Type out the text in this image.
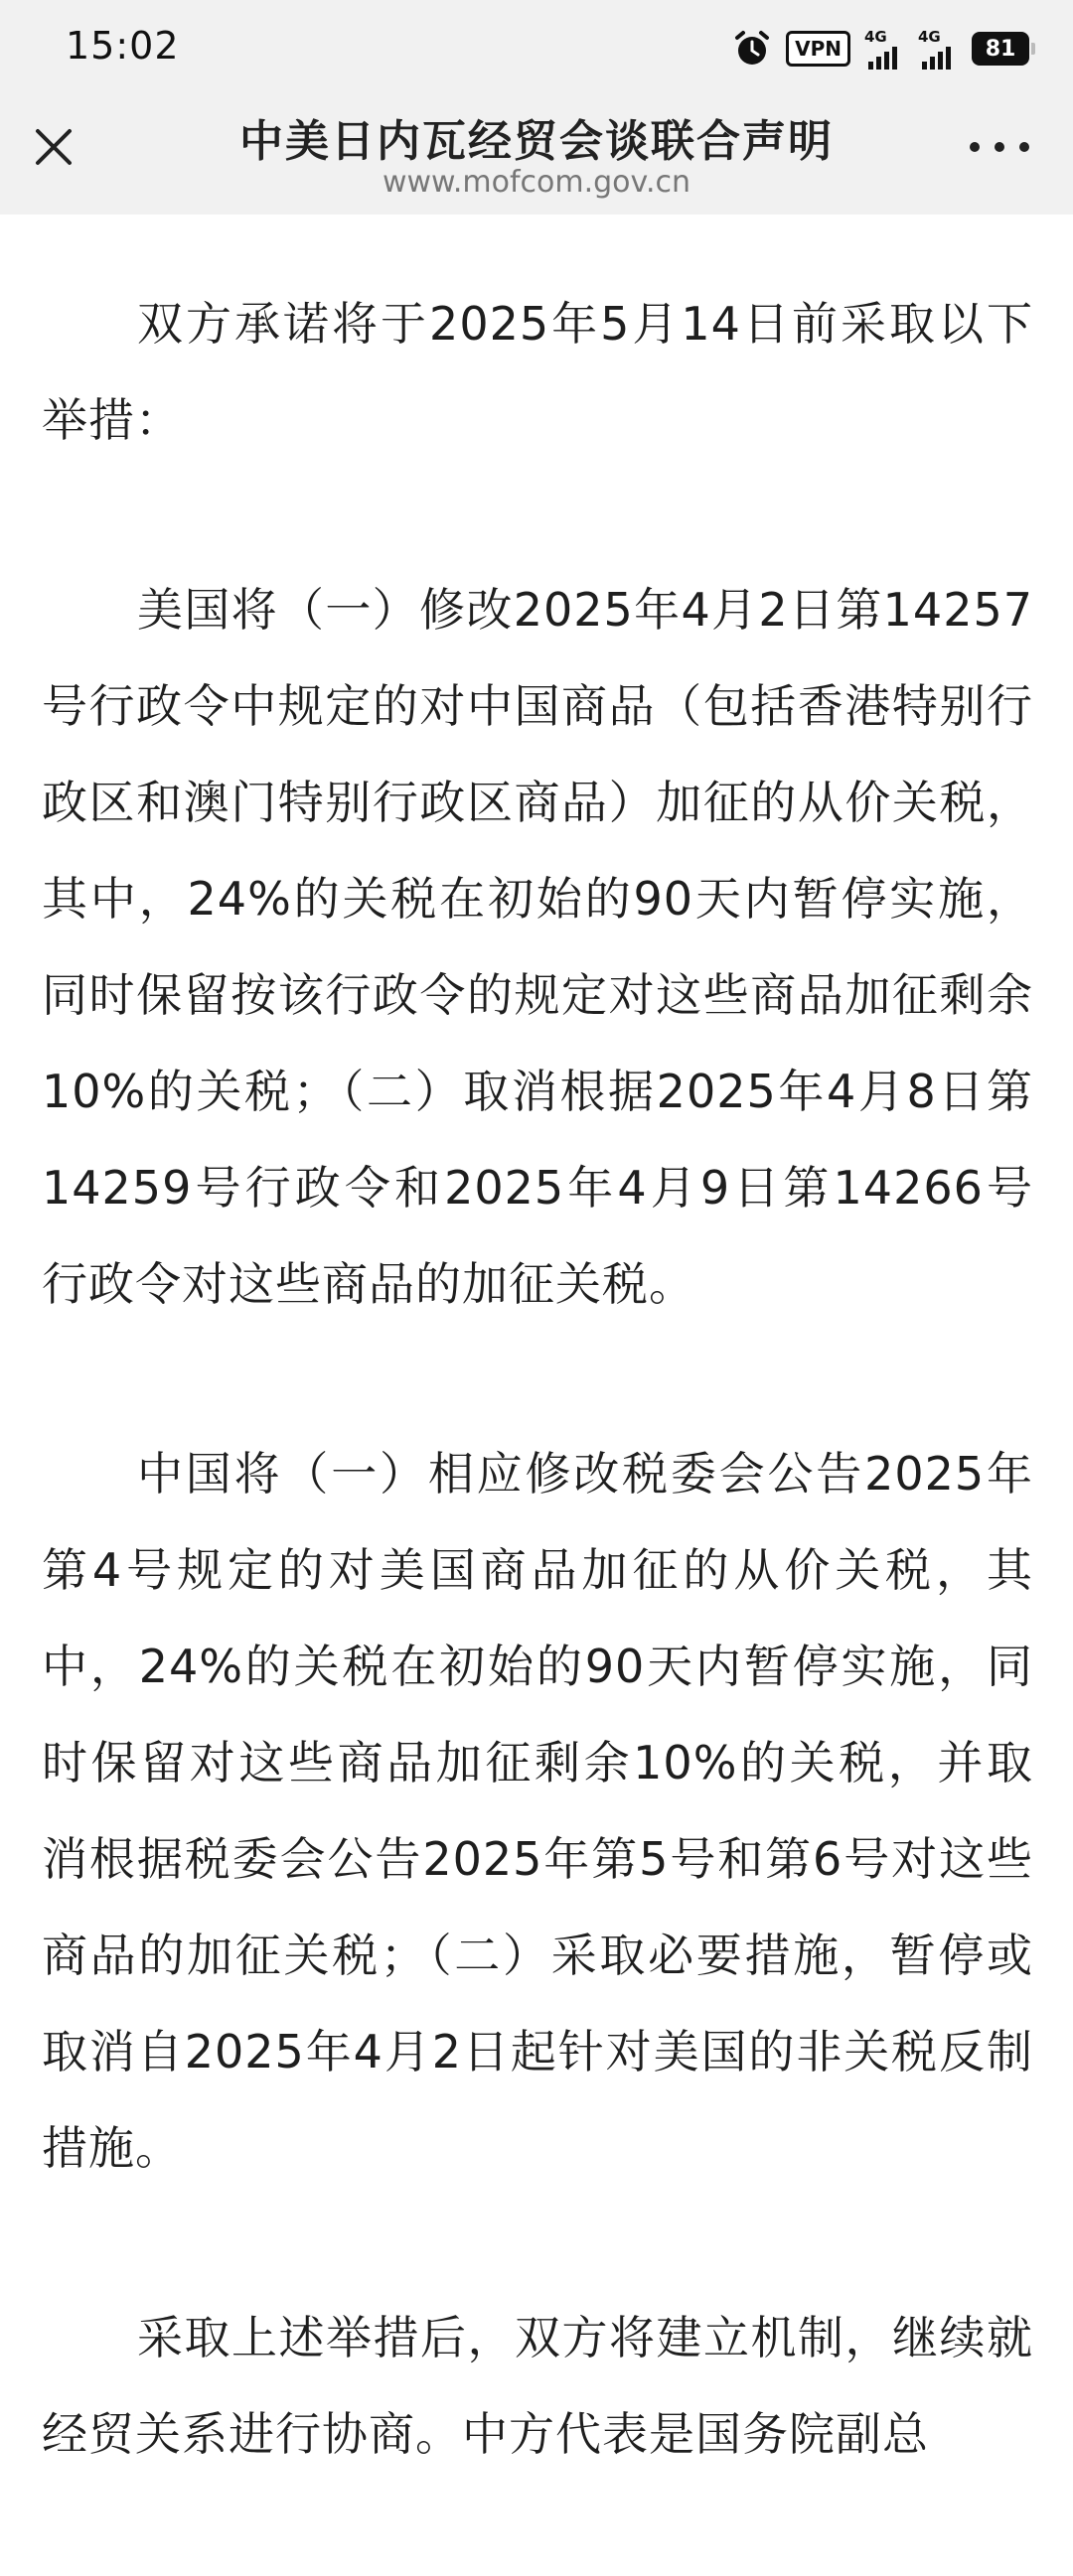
15:02	VPN	4G 4G	81
中美日内瓦经贸会谈联合声明
www.mofcom.gov.cn

双方承诺将于2025年5月14日前采取以下举措：

美国将（一）修改2025年4月2日第14257号行政令中规定的对中国商品（包括香港特别行政区和澳门特别行政区商品）加征的从价关税，其中，24%的关税在初始的90天内暂停实施，同时保留按该行政令的规定对这些商品加征剩余10%的关税；（二）取消根据2025年4月8日第14259号行政令和2025年4月9日第14266号行政令对这些商品的加征关税。

中国将（一）相应修改税委会公告2025年第4号规定的对美国商品加征的从价关税，其中，24%的关税在初始的90天内暂停实施，同时保留对这些商品加征剩余10%的关税，并取消根据税委会公告2025年第5号和第6号对这些商品的加征关税；（二）采取必要措施，暂停或取消自2025年4月2日起针对美国的非关税反制措施。

采取上述举措后，双方将建立机制，继续就经贸关系进行协商。中方代表是国务院副总
